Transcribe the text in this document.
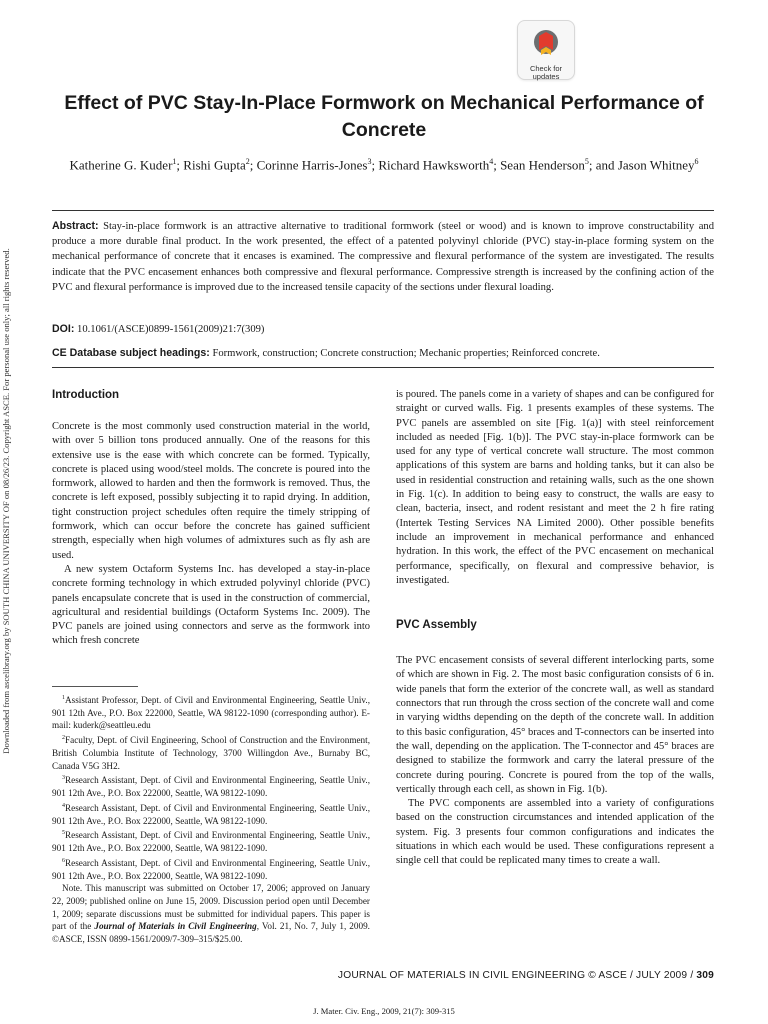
Downloaded from ascelibrary.org by SOUTH CHINA UNIVERSITY OF on 08/26/23. Copyright ASCE. For personal use only; all rights reserved.
Check for
updates
Effect of PVC Stay-In-Place Formwork on Mechanical Performance of Concrete
Katherine G. Kuder$^1$; Rishi Gupta$^2$; Corinne Harris-Jones$^3$; Richard Hawksworth$^4$; Sean Henderson$^5$; and Jason Whitney$^6$
Abstract: Stay-in-place formwork is an attractive alternative to traditional formwork (steel or wood) and is known to improve constructability and produce a more durable final product. In the work presented, the effect of a patented polyvinyl chloride (PVC) stay-in-place forming system on the mechanical performance of concrete that it encases is examined. The compressive and flexural performance of the system are investigated. The results indicate that the PVC encasement enhances both compressive and flexural performance. Compressive strength is increased by the confining action of the PVC and flexural performance is improved due to the increased tensile capacity of the sections under flexural loading.
DOI: 10.1061/(ASCE)0899-1561(2009)21:7(309)
CE Database subject headings: Formwork, construction; Concrete construction; Mechanic properties; Reinforced concrete.
Introduction

Concrete is the most commonly used construction material in the world, with over 5 billion tons produced annually. One of the reasons for this extensive use is the ease with which concrete can be formed. Typically, concrete is placed using wood/steel molds. The concrete is poured into the formwork, allowed to harden and then the formwork is removed. Thus, the concrete is left exposed, possibly subjecting it to rapid drying. In addition, tight construction project schedules often require the timely stripping of formwork, which can occur before the concrete has gained sufficient strength, especially when high volumes of admixtures such as fly ash are used.

A new system Octaform Systems Inc. has developed a stay-in-place concrete forming technology in which extruded polyvinyl chloride (PVC) panels encapsulate concrete that is used in the construction of commercial, agricultural and residential buildings (Octaform Systems Inc. 2009). The PVC panels are joined using connectors and serve as the formwork into which fresh concrete

$^1$Assistant Professor, Dept. of Civil and Environmental Engineering, Seattle Univ., 901 12th Ave., P.O. Box 222000, Seattle, WA 98122-1090 (corresponding author). E-mail: kuderk@seattleu.edu

$^2$Faculty, Dept. of Civil Engineering, School of Construction and the Environment, British Columbia Institute of Technology, 3700 Willingdon Ave., Burnaby BC, Canada V5G 3H2.

$^3$Research Assistant, Dept. of Civil and Environmental Engineering, Seattle Univ., 901 12th Ave., P.O. Box 222000, Seattle, WA 98122-1090.

$^4$Research Assistant, Dept. of Civil and Environmental Engineering, Seattle Univ., 901 12th Ave., P.O. Box 222000, Seattle, WA 98122-1090.

$^5$Research Assistant, Dept. of Civil and Environmental Engineering, Seattle Univ., 901 12th Ave., P.O. Box 222000, Seattle, WA 98122-1090.

$^6$Research Assistant, Dept. of Civil and Environmental Engineering, Seattle Univ., 901 12th Ave., P.O. Box 222000, Seattle, WA 98122-1090.

Note. This manuscript was submitted on October 17, 2006; approved on January 22, 2009; published online on June 15, 2009. Discussion period open until December 1, 2009; separate discussions must be submitted for individual papers. This paper is part of the Journal of Materials in Civil Engineering, Vol. 21, No. 7, July 1, 2009. ©ASCE, ISSN 0899-1561/2009/7-309–315/$25.00.

is poured. The panels come in a variety of shapes and can be configured for straight or curved walls. Fig. 1 presents examples of these systems. The PVC panels are assembled on site [Fig. 1(a)] with steel reinforcement included as needed [Fig. 1(b)]. The PVC stay-in-place formwork can be used for any type of vertical concrete wall structure. The most common applications of this system are barns and holding tanks, but it can also be used in residential construction and retaining walls, such as the one shown in Fig. 1(c). In addition to being easy to construct, the walls are easy to clean, bacteria, insect, and rodent resistant and meet the 2 h fire rating (Intertek Testing Services NA Limited 2000). Other possible benefits include an improvement in mechanical performance and enhanced hydration. In this work, the effect of the PVC encasement on mechanical performance, specifically, on flexural and compressive behavior, is investigated.

PVC Assembly

The PVC encasement consists of several different interlocking parts, some of which are shown in Fig. 2. The most basic configuration consists of 6 in. wide panels that form the exterior of the concrete wall, as well as standard connectors that run through the cross section of the concrete wall and come in varying widths depending on the depth of the concrete wall. In addition to this basic configuration, 45° braces and T-connectors can be inserted into the wall, depending on the application. The T-connector and 45° braces are designed to stabilize the formwork and carry the lateral pressure of the concrete during pouring. Concrete is poured from the top of the walls, vertically through each cell, as shown in Fig. 1(b).

The PVC components are assembled into a variety of configurations based on the construction circumstances and intended application of the system. Fig. 3 presents four common configurations and indicates the situations in which each would be used. These configurations represent a single cell that could be replicated many times to create a wall.

JOURNAL OF MATERIALS IN CIVIL ENGINEERING © ASCE / JULY 2009 / 309
J. Mater. Civ. Eng., 2009, 21(7): 309-315
